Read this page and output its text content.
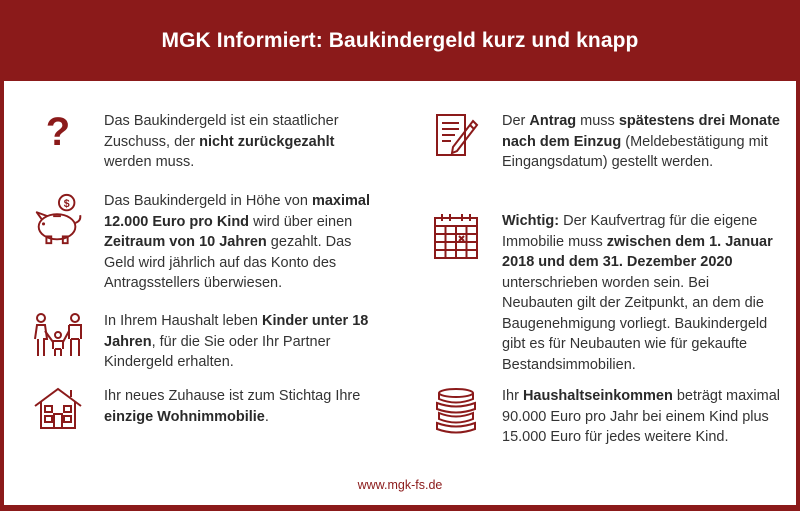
MGK Informiert: Baukindergeld kurz und knapp
? Das Baukindergeld ist ein staatlicher Zuschuss, der nicht zurückgezahlt werden muss.
$ Das Baukindergeld in Höhe von maximal 12.000 Euro pro Kind wird über einen Zeitraum von 10 Jahren gezahlt. Das Geld wird jährlich auf das Konto des Antragsstellers überwiesen.
In Ihrem Haushalt leben Kinder unter 18 Jahren, für die Sie oder Ihr Partner Kindergeld erhalten.
Ihr neues Zuhause ist zum Stichtag Ihre einzige Wohnimmobilie.
Der Antrag muss spätestens drei Monate nach dem Einzug (Meldebestätigung mit Eingangsdatum) gestellt werden.
Wichtig: Der Kaufvertrag für die eigene Immobilie muss zwischen dem 1. Januar 2018 und dem 31. Dezember 2020 unterschrieben worden sein. Bei Neubauten gilt der Zeitpunkt, an dem die Baugenehmigung vorliegt. Baukindergeld gibt es für Neubauten wie für gekaufte Bestandsimmobilien.
Ihr Haushaltseinkommen beträgt maximal 90.000 Euro pro Jahr bei einem Kind plus 15.000 Euro für jedes weitere Kind.
www.mgk-fs.de
